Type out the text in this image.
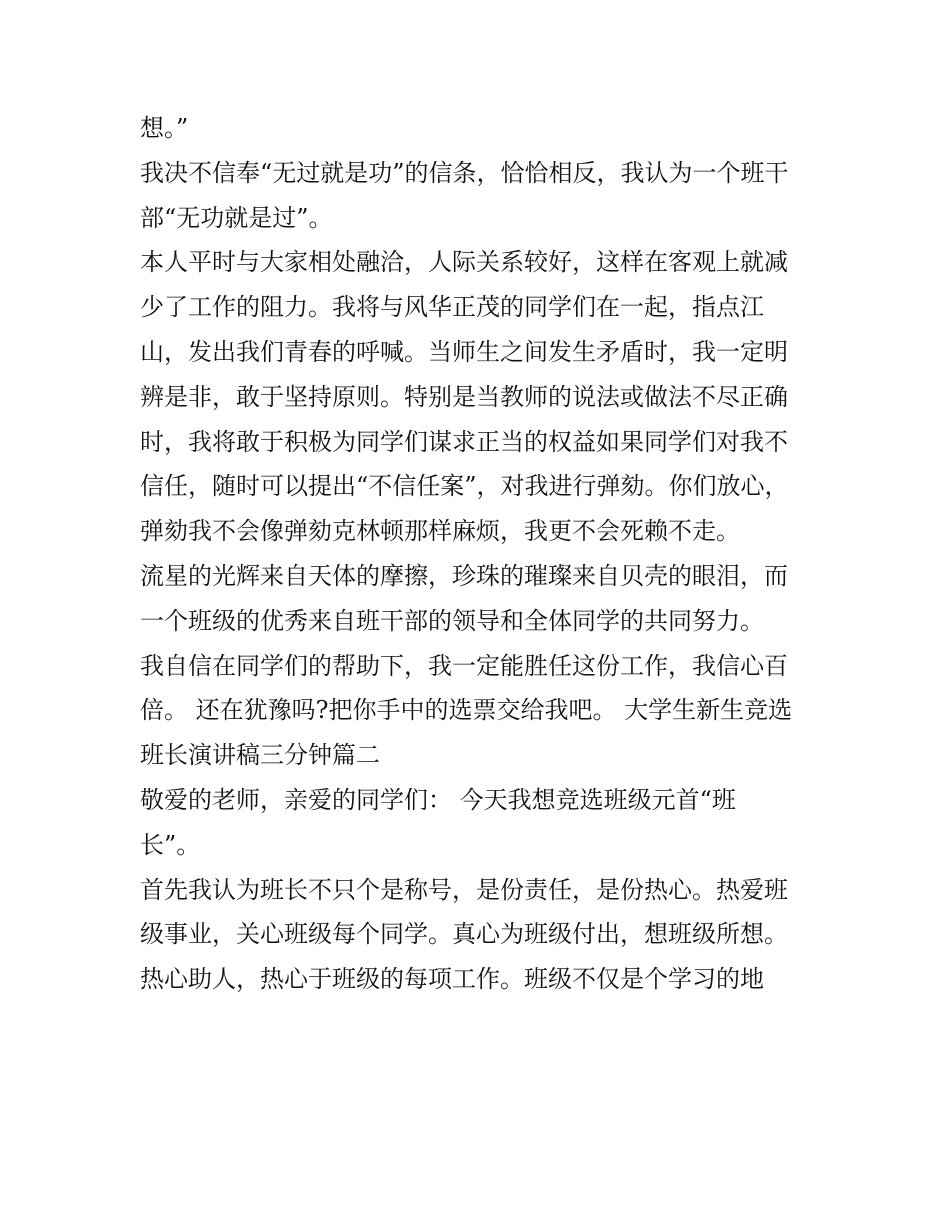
想。”
我决不信奉“无过就是功”的信条，恰恰相反，我认为一个班干
部“无功就是过”。
本人平时与大家相处融洽，人际关系较好，这样在客观上就减
少了工作的阻力。我将与风华正茂的同学们在一起，指点江
山，发出我们青春的呼喊。当师生之间发生矛盾时，我一定明
辨是非，敢于坚持原则。特别是当教师的说法或做法不尽正确
时，我将敢于积极为同学们谋求正当的权益如果同学们对我不
信任，随时可以提出“不信任案”，对我进行弹劾。你们放心，
弹劾我不会像弹劾克林顿那样麻烦，我更不会死赖不走。
流星的光辉来自天体的摩擦，珍珠的璀璨来自贝壳的眼泪，而
一个班级的优秀来自班干部的领导和全体同学的共同努力。
我自信在同学们的帮助下，我一定能胜任这份工作，我信心百
倍。 还在犹豫吗?把你手中的选票交给我吧。 大学生新生竞选
班长演讲稿三分钟篇二
敬爱的老师，亲爱的同学们： 今天我想竞选班级元首“班
长”。
首先我认为班长不只个是称号，是份责任，是份热心。热爱班
级事业，关心班级每个同学。真心为班级付出，想班级所想。
热心助人，热心于班级的每项工作。班级不仅是个学习的地
